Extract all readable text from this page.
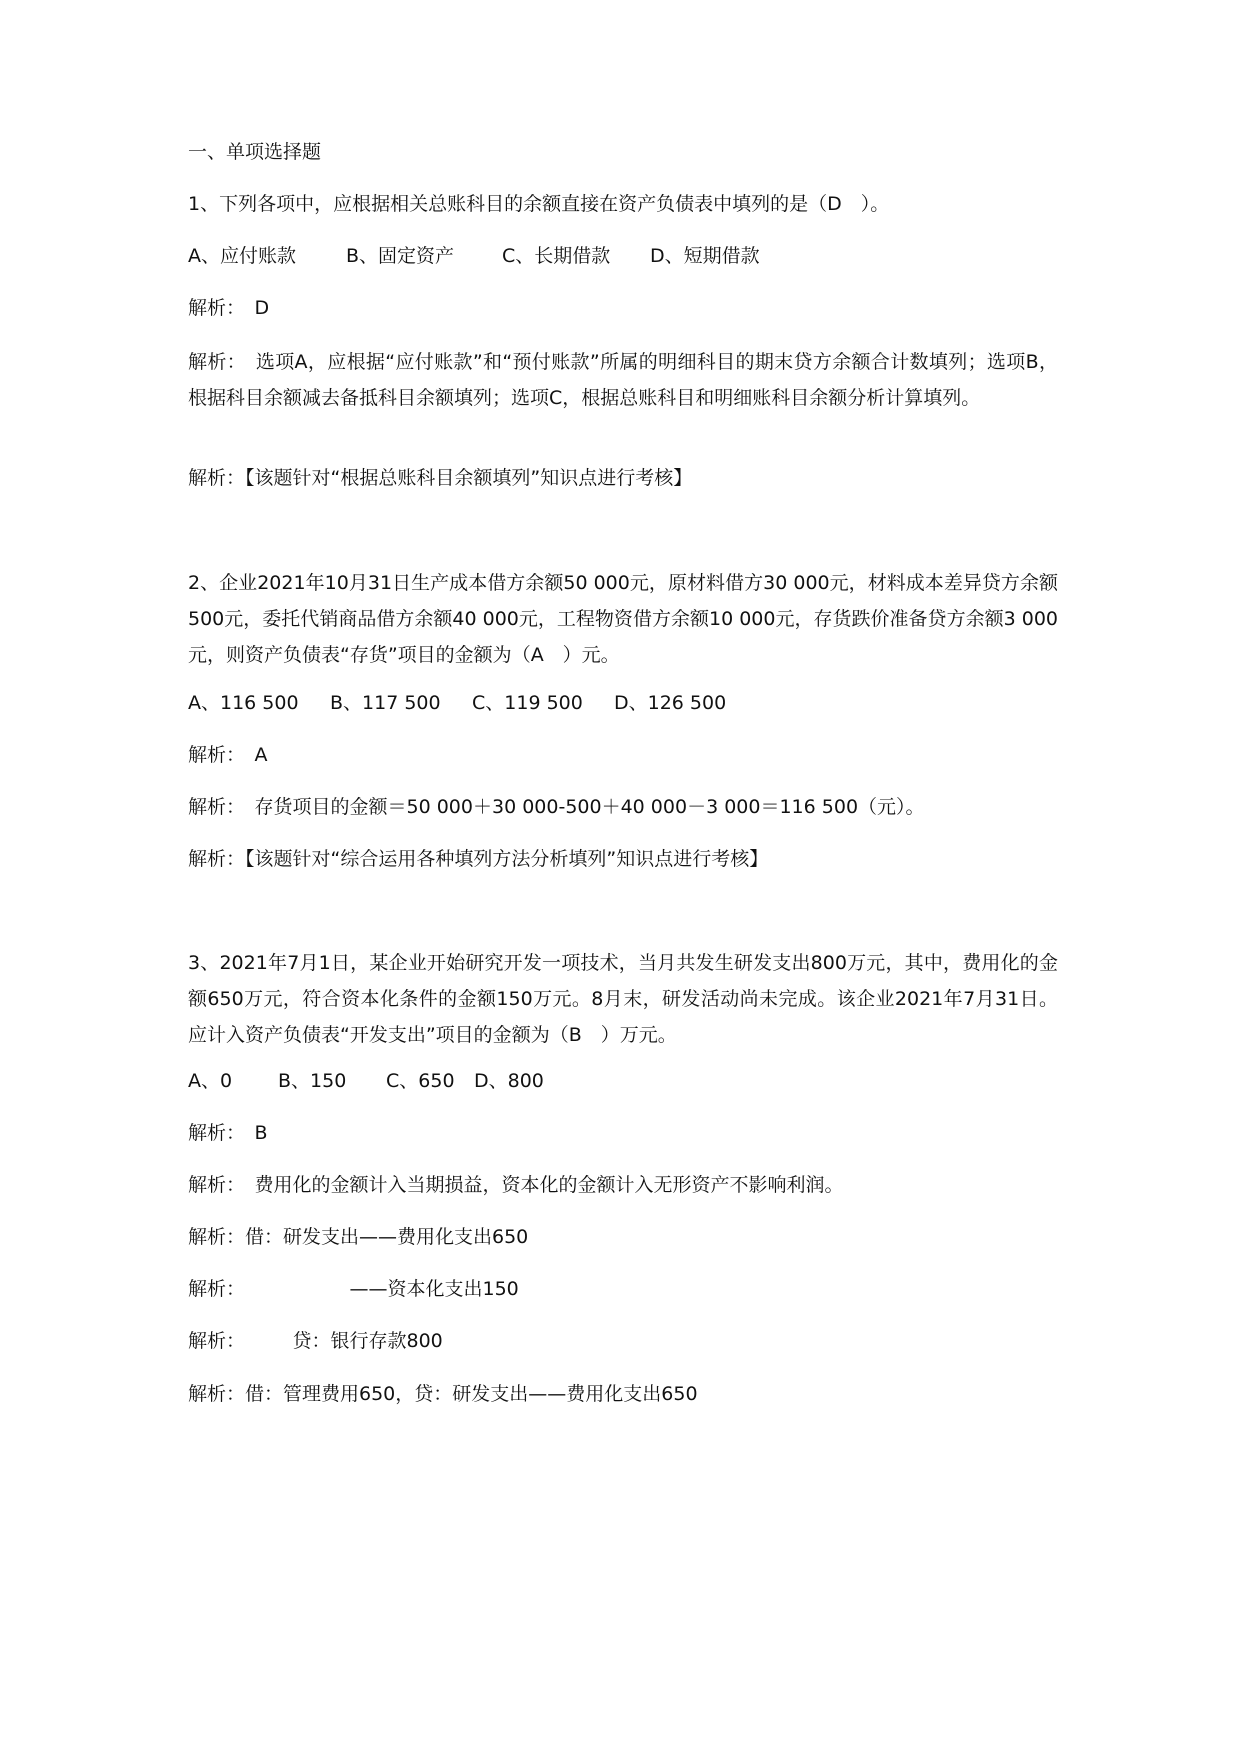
一、单项选择题
1、下列各项中，应根据相关总账科目的余额直接在资产负债表中填列的是（D　）。
A、应付账款	B、固定资产	C、长期借款 D、短期借款
解析：　D
解析：　选项A，应根据“应付账款”和“预付账款”所属的明细科目的期末贷方余额合计数填列；选项B，根据科目余额减去备抵科目余额填列；选项C，根据总账科目和明细账科目余额分析计算填列。
解析：【该题针对“根据总账科目余额填列”知识点进行考核】
2、企业2021年10月31日生产成本借方余额50 000元，原材料借方30 000元，材料成本差异贷方余额500元，委托代销商品借方余额40 000元，工程物资借方余额10 000元，存货跌价准备贷方余额3 000元，则资产负债表“存货”项目的金额为（A　）元。
A、116 500 B、117 500 C、119 500 D、126 500
解析：　A
解析：　存货项目的金额＝50 000＋30 000-500＋40 000－3 000＝116 500（元）。
解析：【该题针对“综合运用各种填列方法分析填列”知识点进行考核】
3、2021年7月1日，某企业开始研究开发一项技术，当月共发生研发支出800万元，其中，费用化的金额650万元，符合资本化条件的金额150万元。8月末，研发活动尚未完成。该企业2021年7月31日。应计入资产负债表“开发支出”项目的金额为（B　）万元。
A、0 B、150 C、650 D、800
解析：　B
解析：　费用化的金额计入当期损益，资本化的金额计入无形资产不影响利润。
解析：借：研发支出——费用化支出650
解析：　　　　　　——资本化支出150
解析：　　　贷：银行存款800
解析：借：管理费用650，贷：研发支出——费用化支出650
